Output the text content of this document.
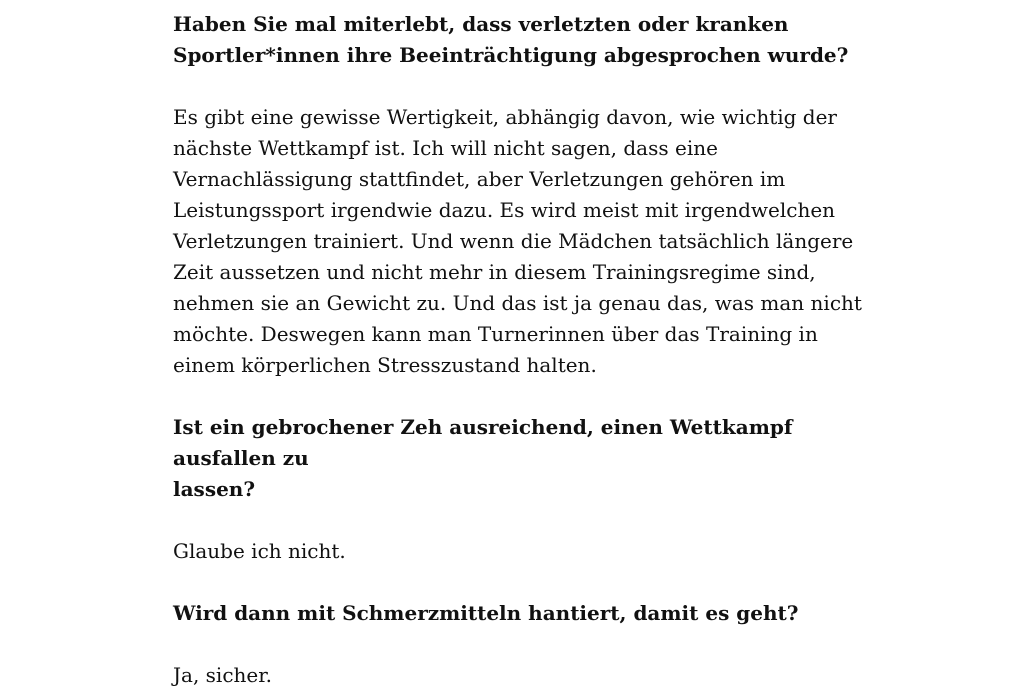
Haben Sie mal miterlebt, dass verletzten oder kranken
Sportler*innen ihre Beeinträchtigung abgesprochen wurde?

Es gibt eine gewisse Wertigkeit, abhängig davon, wie wichtig der
nächste Wettkampf ist. Ich will nicht sagen, dass eine
Vernachlässigung stattfindet, aber Verletzungen gehören im
Leistungssport irgendwie dazu. Es wird meist mit irgendwelchen
Verletzungen trainiert. Und wenn die Mädchen tatsächlich längere
Zeit aussetzen und nicht mehr in diesem Trainingsregime sind,
nehmen sie an Gewicht zu. Und das ist ja genau das, was man nicht
möchte. Deswegen kann man Turnerinnen über das Training in
einem körperlichen Stresszustand halten.

Ist ein gebrochener Zeh ausreichend, einen Wettkampf ausfallen zu
lassen?

Glaube ich nicht.

Wird dann mit Schmerzmitteln hantiert, damit es geht?

Ja, sicher.
